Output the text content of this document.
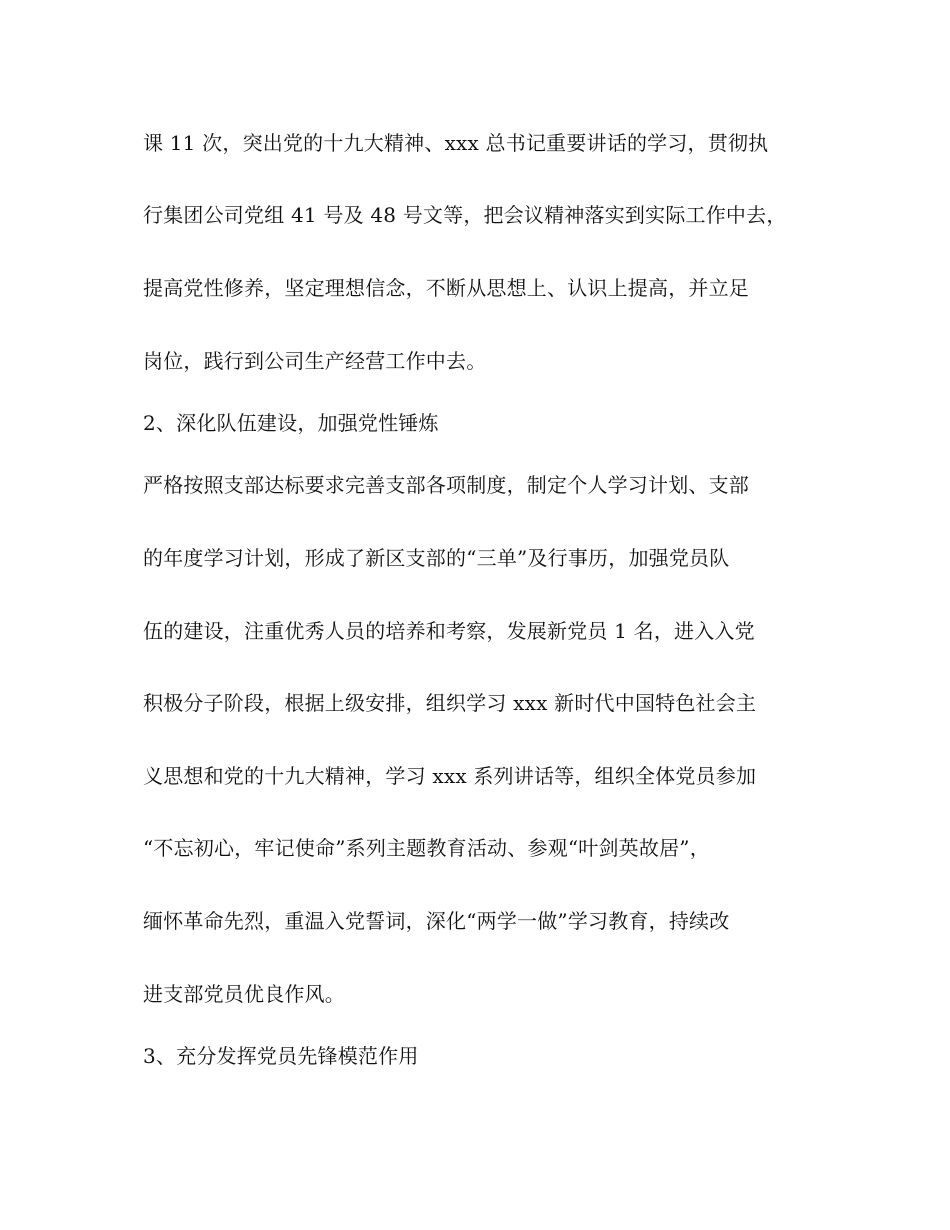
课 11 次，突出党的十九大精神、xxx 总书记重要讲话的学习，贯彻执
行集团公司党组 41 号及 48 号文等，把会议精神落实到实际工作中去，
提高党性修养，坚定理想信念，不断从思想上、认识上提高，并立足
岗位，践行到公司生产经营工作中去。
2、深化队伍建设，加强党性锤炼
严格按照支部达标要求完善支部各项制度，制定个人学习计划、支部
的年度学习计划，形成了新区支部的“三单”及行事历，加强党员队
伍的建设，注重优秀人员的培养和考察，发展新党员 1 名，进入入党
积极分子阶段，根据上级安排，组织学习 xxx 新时代中国特色社会主
义思想和党的十九大精神，学习 xxx 系列讲话等，组织全体党员参加
“不忘初心，牢记使命”系列主题教育活动、参观“叶剑英故居”，
缅怀革命先烈，重温入党誓词，深化“两学一做”学习教育，持续改
进支部党员优良作风。
3、充分发挥党员先锋模范作用
